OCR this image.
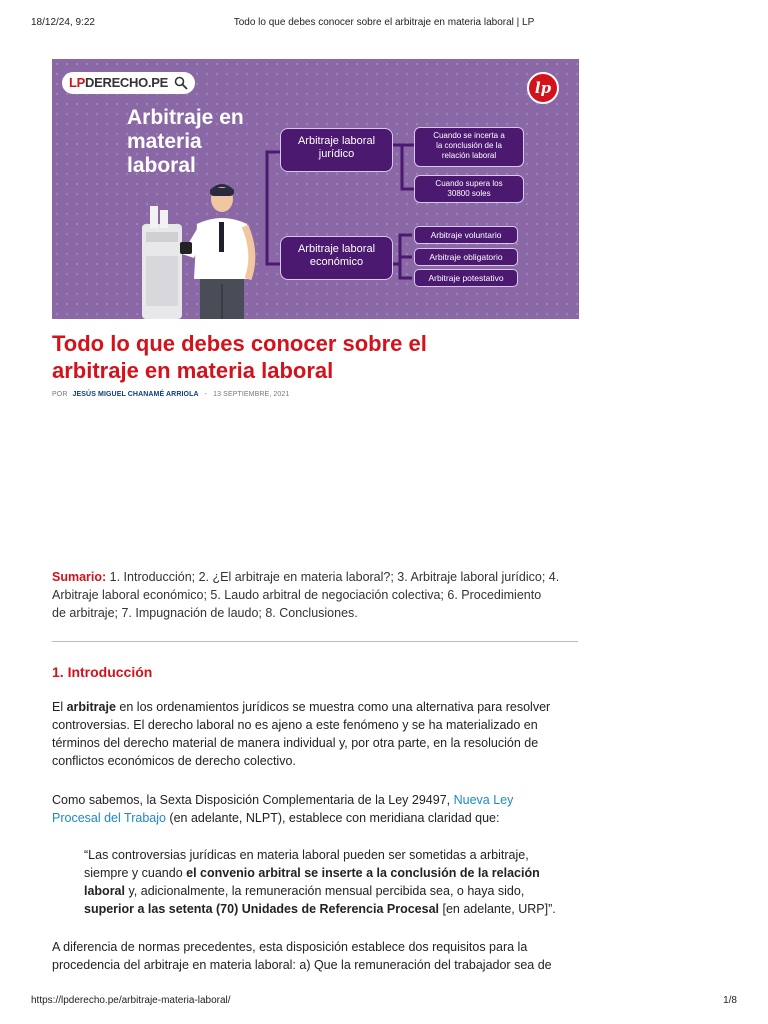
18/12/24, 9:22	Todo lo que debes conocer sobre el arbitraje en materia laboral | LP
LPDERECHO.PE	lp
Arbitraje en
materia
laboral
Arbitraje laboral
jurídico
Arbitraje laboral
económico
Cuando se incerta a
la conclusión de la
relación laboral
Cuando supera los
30800 soles
Arbitraje voluntario
Arbitraje obligatorio
Arbitraje potestativo
Todo lo que debes conocer sobre el
arbitraje en materia laboral
POR JESÚS MIGUEL CHANAMÉ ARRIOLA - 13 SEPTIEMBRE, 2021
Sumario: 1. Introducción; 2. ¿El arbitraje en materia laboral?; 3. Arbitraje laboral jurídico; 4.
Arbitraje laboral económico; 5. Laudo arbitral de negociación colectiva; 6. Procedimiento
de arbitraje; 7. Impugnación de laudo; 8. Conclusiones.
1. Introducción
El arbitraje en los ordenamientos jurídicos se muestra como una alternativa para resolver
controversias. El derecho laboral no es ajeno a este fenómeno y se ha materializado en
términos del derecho material de manera individual y, por otra parte, en la resolución de
conflictos económicos de derecho colectivo.
Como sabemos, la Sexta Disposición Complementaria de la Ley 29497, Nueva Ley
Procesal del Trabajo (en adelante, NLPT), establece con meridiana claridad que:
“Las controversias jurídicas en materia laboral pueden ser sometidas a arbitraje,
siempre y cuando el convenio arbitral se inserte a la conclusión de la relación
laboral y, adicionalmente, la remuneración mensual percibida sea, o haya sido,
superior a las setenta (70) Unidades de Referencia Procesal [en adelante, URP]”.
A diferencia de normas precedentes, esta disposición establece dos requisitos para la
procedencia del arbitraje en materia laboral: a) Que la remuneración del trabajador sea de
https://lpderecho.pe/arbitraje-materia-laboral/	1/8
